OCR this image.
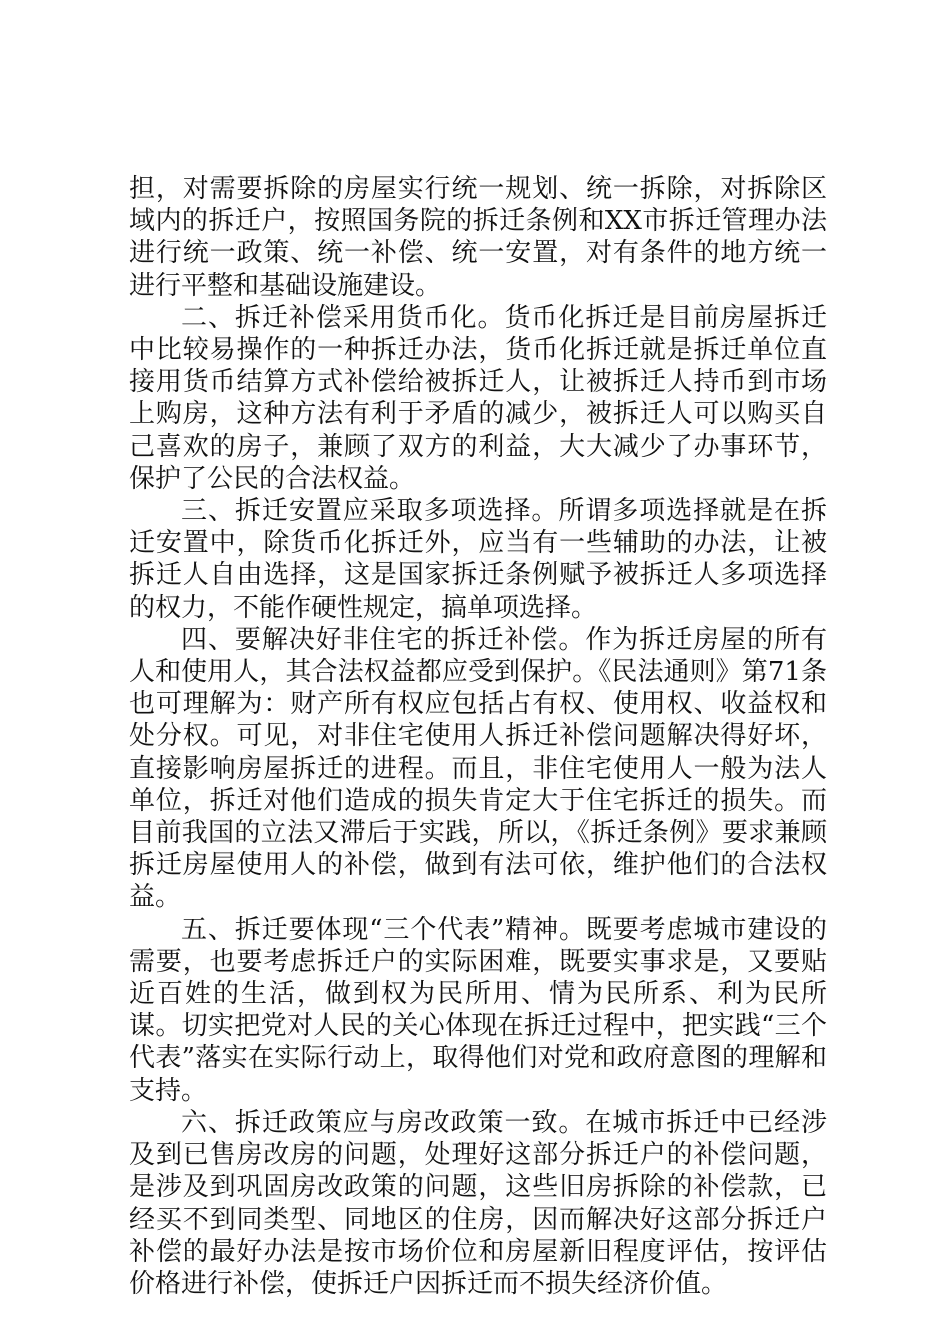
担，对需要拆除的房屋实行统一规划、统一拆除，对拆除区域内的拆迁户，按照国务院的拆迁条例和XX市拆迁管理办法进行统一政策、统一补偿、统一安置，对有条件的地方统一进行平整和基础设施建设。

二、拆迁补偿采用货币化。货币化拆迁是目前房屋拆迁中比较易操作的一种拆迁办法，货币化拆迁就是拆迁单位直接用货币结算方式补偿给被拆迁人，让被拆迁人持币到市场上购房，这种方法有利于矛盾的减少，被拆迁人可以购买自己喜欢的房子，兼顾了双方的利益，大大减少了办事环节，保护了公民的合法权益。

三、拆迁安置应采取多项选择。所谓多项选择就是在拆迁安置中，除货币化拆迁外，应当有一些辅助的办法，让被拆迁人自由选择，这是国家拆迁条例赋予被拆迁人多项选择的权力，不能作硬性规定，搞单项选择。

四、要解决好非住宅的拆迁补偿。作为拆迁房屋的所有人和使用人，其合法权益都应受到保护。《民法通则》第71条也可理解为：财产所有权应包括占有权、使用权、收益权和处分权。可见，对非住宅使用人拆迁补偿问题解决得好坏，直接影响房屋拆迁的进程。而且，非住宅使用人一般为法人单位，拆迁对他们造成的损失肯定大于住宅拆迁的损失。而目前我国的立法又滞后于实践，所以，《拆迁条例》要求兼顾拆迁房屋使用人的补偿，做到有法可依，维护他们的合法权益。

五、拆迁要体现“三个代表”精神。既要考虑城市建设的需要，也要考虑拆迁户的实际困难，既要实事求是，又要贴近百姓的生活，做到权为民所用、情为民所系、利为民所谋。切实把党对人民的关心体现在拆迁过程中，把实践“三个代表”落实在实际行动上，取得他们对党和政府意图的理解和支持。

六、拆迁政策应与房改政策一致。在城市拆迁中已经涉及到已售房改房的问题，处理好这部分拆迁户的补偿问题，是涉及到巩固房改政策的问题，这些旧房拆除的补偿款，已经买不到同类型、同地区的住房，因而解决好这部分拆迁户补偿的最好办法是按市场价位和房屋新旧程度评估，按评估价格进行补偿，使拆迁户因拆迁而不损失经济价值。
